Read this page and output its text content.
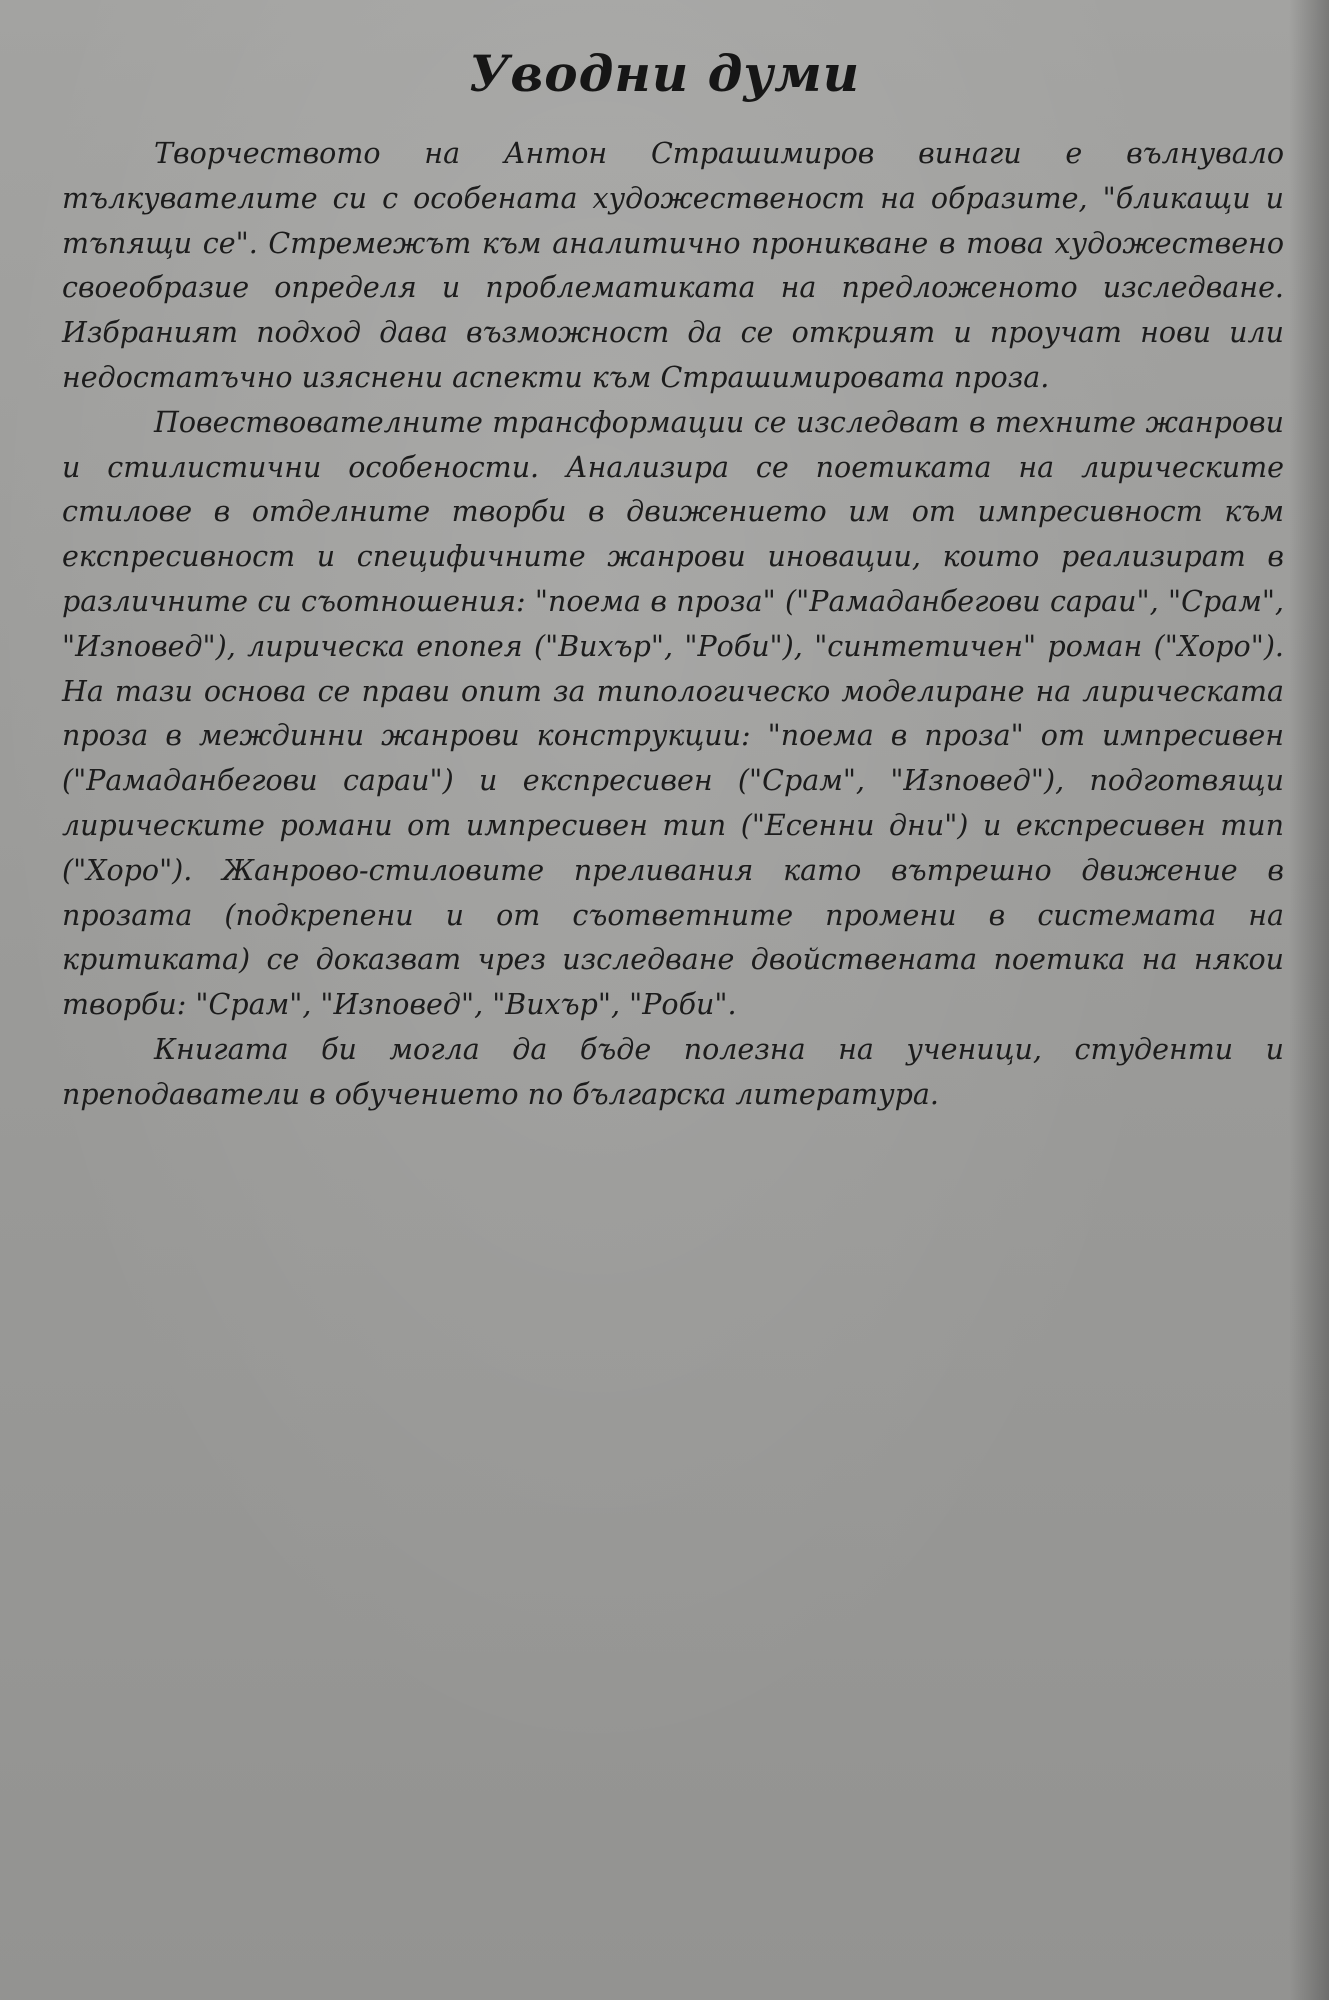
Уводни думи

Творчеството на Антон Страшимиров винаги е вълнувало тълкувателите си с особената художественост на образите, "бликащи и тъпящи се". Стремежът към аналитично проникване в това художествено своеобразие определя и проблематиката на предложеното изследване. Избраният подход дава възможност да се открият и проучат нови или недостатъчно изяснени аспекти към Страшимировата проза.

Повествователните трансформации се изследват в техните жанрови и стилистични особености. Анализира се поетиката на лирическите стилове в отделните творби в движението им от импресивност към експресивност и специфичните жанрови иновации, които реализират в различните си съотношения: "поема в проза" ("Рамаданбегови сараи", "Срам", "Изповед"), лирическа епопея ("Вихър", "Роби"), "синтетичен" роман ("Хоро"). На тази основа се прави опит за типологическо моделиране на лирическата проза в междинни жанрови конструкции: "поема в проза" от импресивен ("Рамаданбегови сараи") и експресивен ("Срам", "Изповед"), подготвящи лирическите романи от импресивен тип ("Есенни дни") и експресивен тип ("Хоро"). Жанрово-стиловите преливания като вътрешно движение в прозата (подкрепени и от съответните промени в системата на критиката) се доказват чрез изследване двойствената поетика на някои творби: "Срам", "Изповед", "Вихър", "Роби".

Книгата би могла да бъде полезна на ученици, студенти и преподаватели в обучението по българска литература.
